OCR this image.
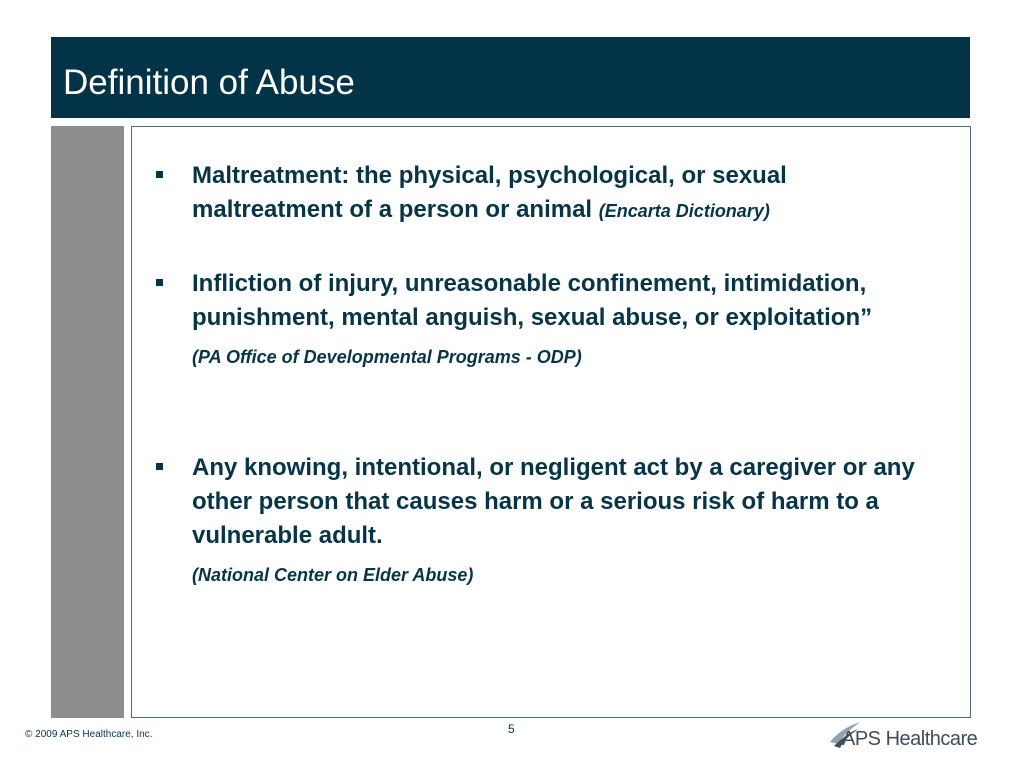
Definition of Abuse
Maltreatment: the physical, psychological, or sexual maltreatment of a person or animal (Encarta Dictionary)
Infliction of injury, unreasonable confinement, intimidation, punishment, mental anguish, sexual abuse, or exploitation”
(PA Office of Developmental Programs - ODP)
Any knowing, intentional, or negligent act by a caregiver or any other person that causes harm or a serious risk of harm to a vulnerable adult.
(National Center on Elder Abuse)
© 2009 APS Healthcare, Inc.	5	APS Healthcare
